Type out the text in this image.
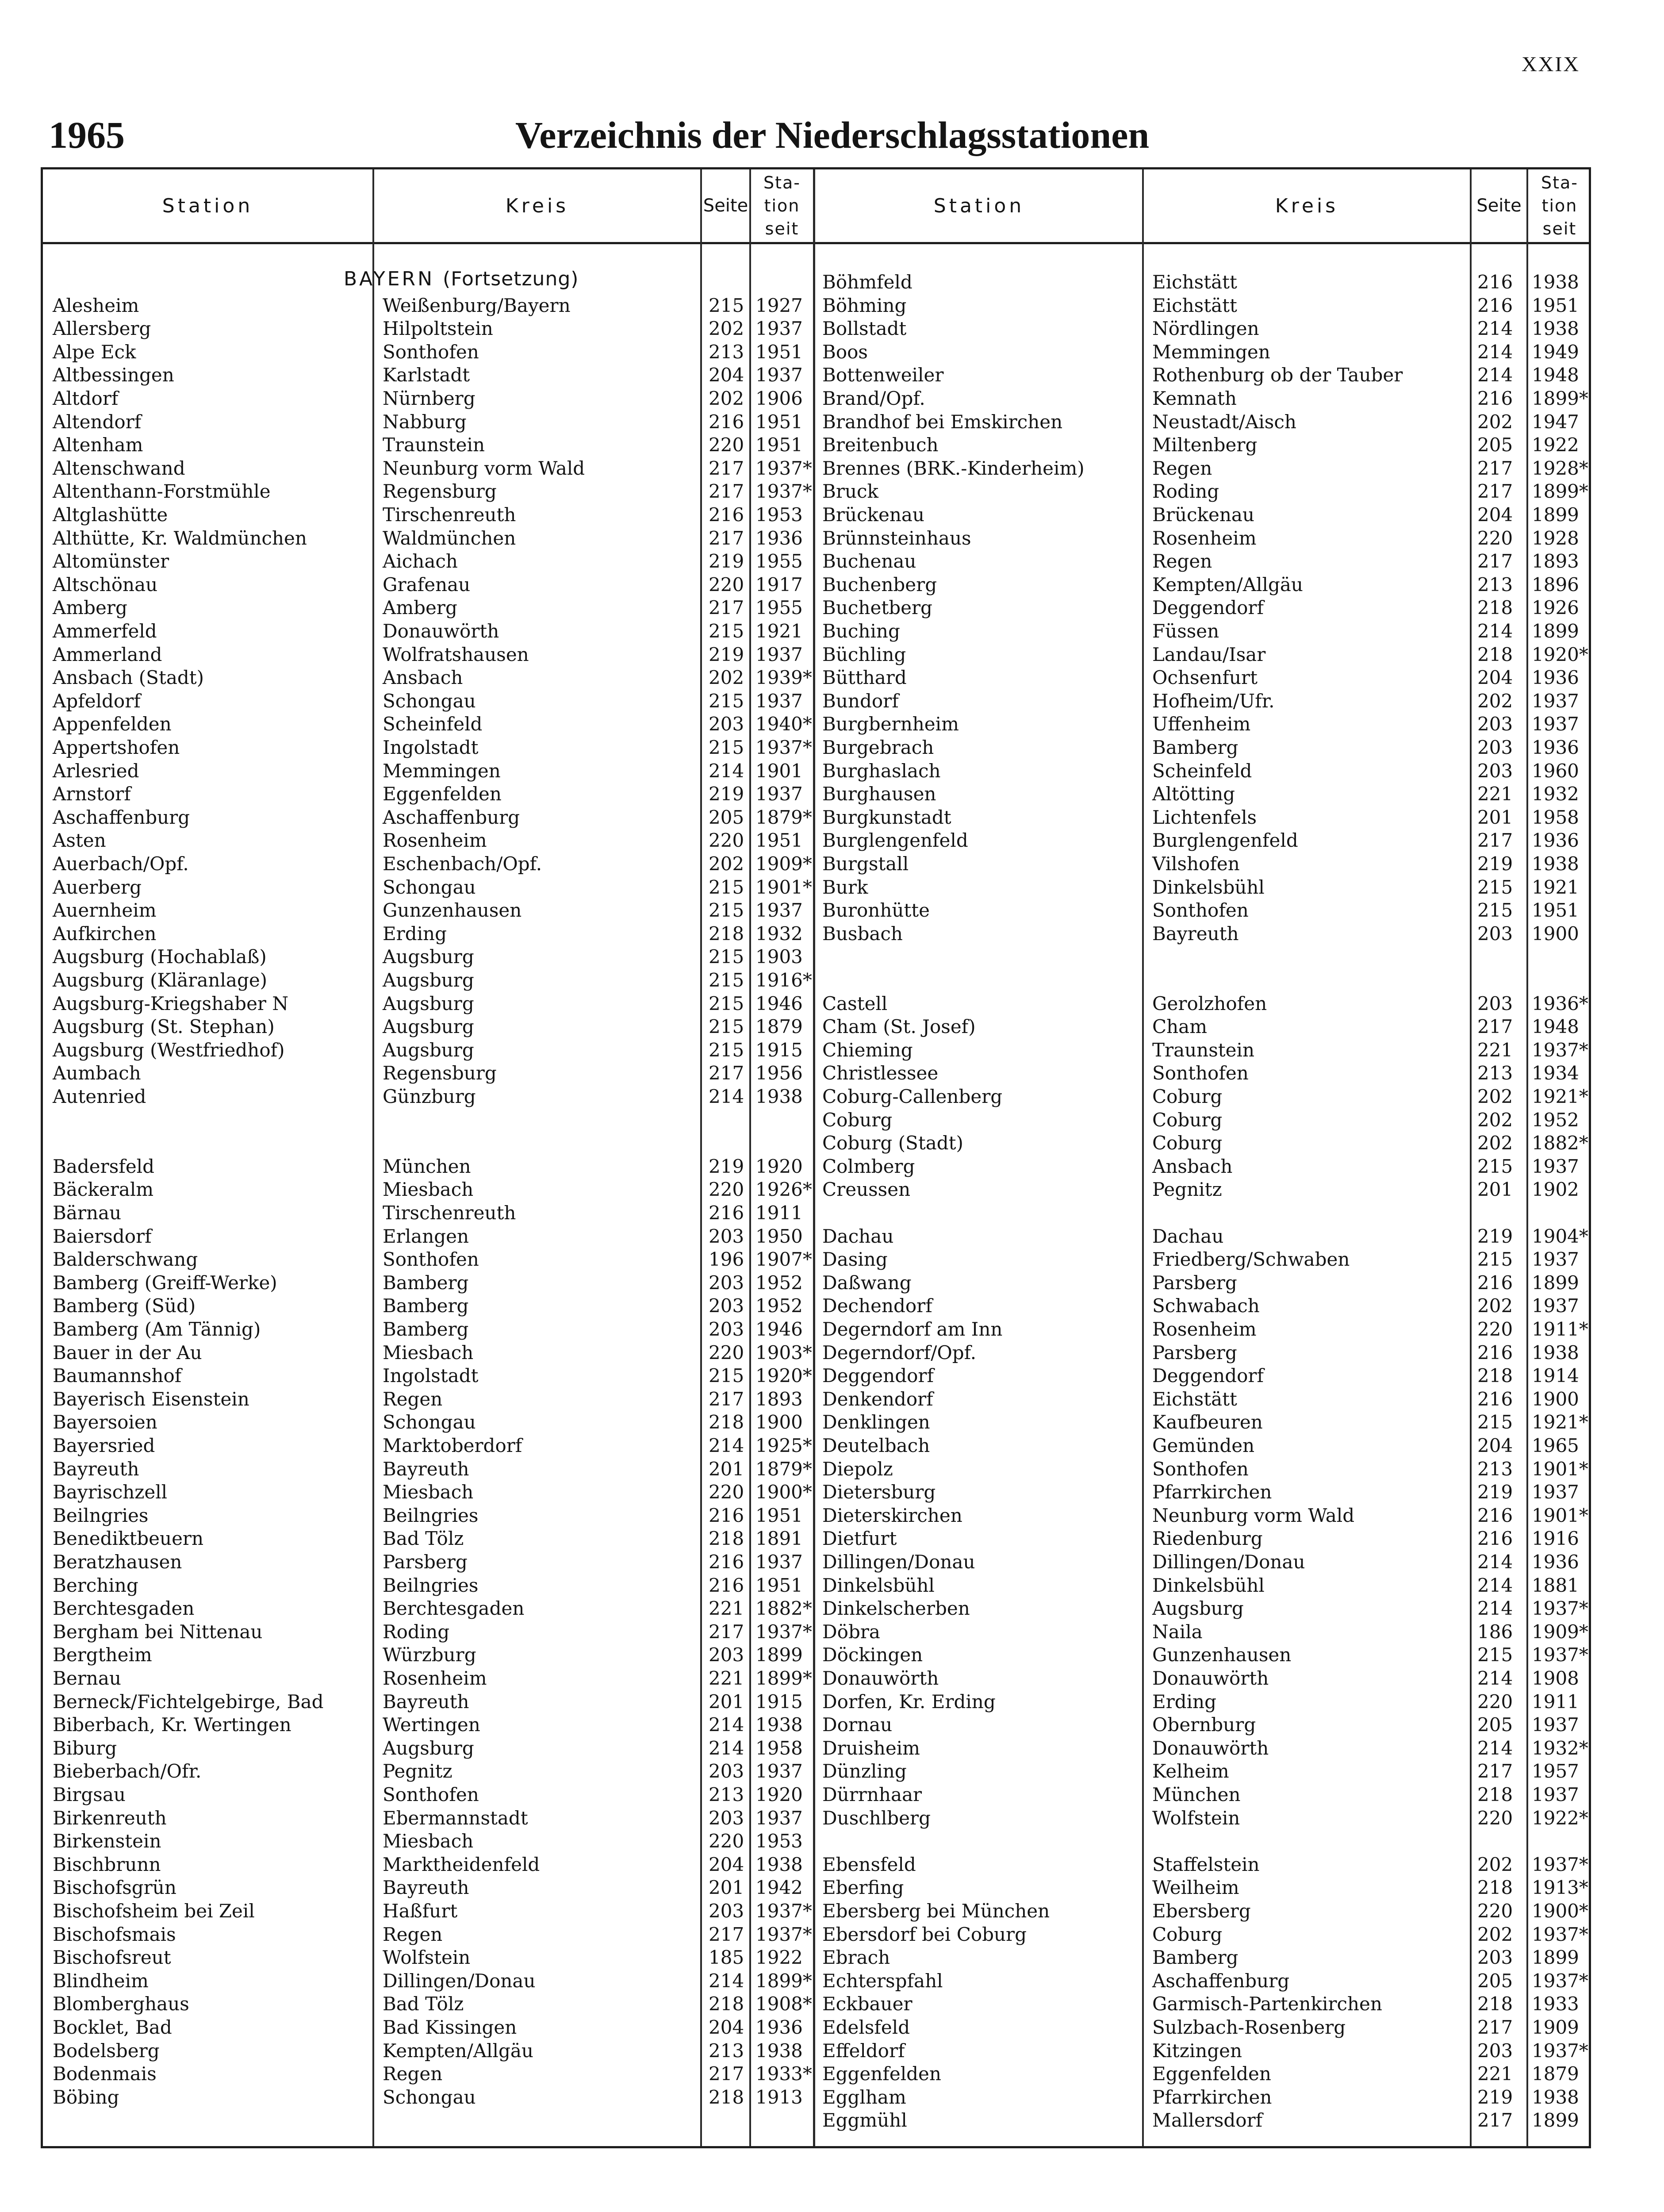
XXIX
1965	Verzeichnis der Niederschlagsstationen
Station	Kreis	Seite
Sta-
tion
seit
Station	Kreis	Seite
Sta-
tion
seit
BAYERN (Fortsetzung)
Alesheim	Weißenburg/Bayern	215 1927
Allersberg	Hilpoltstein	202 1937
Alpe Eck	Sonthofen	213 1951
Altbessingen	Karlstadt	204 1937
Altdorf	Nürnberg	202 1906
Altendorf	Nabburg	216 1951
Altenham	Traunstein	220 1951
Altenschwand	Neunburg vorm Wald	217 1937*
Altenthann-Forstmühle	Regensburg	217 1937*
Altglashütte	Tirschenreuth	216 1953
Althütte, Kr. Waldmünchen	Waldmünchen	217 1936
Altomünster	Aichach	219 1955
Altschönau	Grafenau	220 1917
Amberg	Amberg	217 1955
Ammerfeld	Donauwörth	215 1921
Ammerland	Wolfratshausen	219 1937
Ansbach (Stadt)	Ansbach	202 1939*
Apfeldorf	Schongau	215 1937
Appenfelden	Scheinfeld	203 1940*
Appertshofen	Ingolstadt	215 1937*
Arlesried	Memmingen	214 1901
Arnstorf	Eggenfelden	219 1937
Aschaffenburg	Aschaffenburg	205 1879*
Asten	Rosenheim	220 1951
Auerbach/Opf.	Eschenbach/Opf.	202 1909*
Auerberg	Schongau	215 1901*
Auernheim	Gunzenhausen	215 1937
Aufkirchen	Erding	218 1932
Augsburg (Hochablaß)	Augsburg	215 1903
Augsburg (Kläranlage)	Augsburg	215 1916*
Augsburg-Kriegshaber N	Augsburg	215 1946
Augsburg (St. Stephan)	Augsburg	215 1879
Augsburg (Westfriedhof)	Augsburg	215 1915
Aumbach	Regensburg	217 1956
Autenried	Günzburg	214 1938
Badersfeld	München	219 1920
Bäckeralm	Miesbach	220 1926*
Bärnau	Tirschenreuth	216 1911
Baiersdorf	Erlangen	203 1950
Balderschwang	Sonthofen	196 1907*
Bamberg (Greiff-Werke)	Bamberg	203 1952
Bamberg (Süd)	Bamberg	203 1952
Bamberg (Am Tännig)	Bamberg	203 1946
Bauer in der Au	Miesbach	220 1903*
Baumannshof	Ingolstadt	215 1920*
Bayerisch Eisenstein	Regen	217 1893
Bayersoien	Schongau	218 1900
Bayersried	Marktoberdorf	214 1925*
Bayreuth	Bayreuth	201 1879*
Bayrischzell	Miesbach	220 1900*
Beilngries	Beilngries	216 1951
Benediktbeuern	Bad Tölz	218 1891
Beratzhausen	Parsberg	216 1937
Berching	Beilngries	216 1951
Berchtesgaden	Berchtesgaden	221 1882*
Bergham bei Nittenau	Roding	217 1937*
Bergtheim	Würzburg	203 1899
Bernau	Rosenheim	221 1899*
Berneck/Fichtelgebirge, Bad	Bayreuth	201 1915
Biberbach, Kr. Wertingen	Wertingen	214 1938
Biburg	Augsburg	214 1958
Bieberbach/Ofr.	Pegnitz	203 1937
Birgsau	Sonthofen	213 1920
Birkenreuth	Ebermannstadt	203 1937
Birkenstein	Miesbach	220 1953
Bischbrunn	Marktheidenfeld	204 1938
Bischofsgrün	Bayreuth	201 1942
Bischofsheim bei Zeil	Haßfurt	203 1937*
Bischofsmais	Regen	217 1937*
Bischofsreut	Wolfstein	185 1922
Blindheim	Dillingen/Donau	214 1899*
Blomberghaus	Bad Tölz	218 1908*
Bocklet, Bad	Bad Kissingen	204 1936
Bodelsberg	Kempten/Allgäu	213 1938
Bodenmais	Regen	217 1933*
Böbing	Schongau	218 1913
Böhmfeld	Eichstätt	216 1938
Böhming	Eichstätt	216 1951
Bollstadt	Nördlingen	214 1938
Boos	Memmingen	214 1949
Bottenweiler	Rothenburg ob der Tauber	214 1948
Brand/Opf.	Kemnath	216 1899*
Brandhof bei Emskirchen	Neustadt/Aisch	202 1947
Breitenbuch	Miltenberg	205 1922
Brennes (BRK.-Kinderheim)	Regen	217 1928*
Bruck	Roding	217 1899*
Brückenau	Brückenau	204 1899
Brünnsteinhaus	Rosenheim	220 1928
Buchenau	Regen	217 1893
Buchenberg	Kempten/Allgäu	213 1896
Buchetberg	Deggendorf	218 1926
Buching	Füssen	214 1899
Büchling	Landau/Isar	218 1920*
Bütthard	Ochsenfurt	204 1936
Bundorf	Hofheim/Ufr.	202 1937
Burgbernheim	Uffenheim	203 1937
Burgebrach	Bamberg	203 1936
Burghaslach	Scheinfeld	203 1960
Burghausen	Altötting	221 1932
Burgkunstadt	Lichtenfels	201 1958
Burglengenfeld	Burglengenfeld	217 1936
Burgstall	Vilshofen	219 1938
Burk	Dinkelsbühl	215 1921
Buronhütte	Sonthofen	215 1951
Busbach	Bayreuth	203 1900
Castell	Gerolzhofen	203 1936*
Cham (St. Josef)	Cham	217 1948
Chieming	Traunstein	221 1937*
Christlessee	Sonthofen	213 1934
Coburg-Callenberg	Coburg	202 1921*
Coburg	Coburg	202 1952
Coburg (Stadt)	Coburg	202 1882*
Colmberg	Ansbach	215 1937
Creussen	Pegnitz	201 1902
Dachau	Dachau	219 1904*
Dasing	Friedberg/Schwaben	215 1937
Daßwang	Parsberg	216 1899
Dechendorf	Schwabach	202 1937
Degerndorf am Inn	Rosenheim	220 1911*
Degerndorf/Opf.	Parsberg	216 1938
Deggendorf	Deggendorf	218 1914
Denkendorf	Eichstätt	216 1900
Denklingen	Kaufbeuren	215 1921*
Deutelbach	Gemünden	204 1965
Diepolz	Sonthofen	213 1901*
Dietersburg	Pfarrkirchen	219 1937
Dieterskirchen	Neunburg vorm Wald	216 1901*
Dietfurt	Riedenburg	216 1916
Dillingen/Donau	Dillingen/Donau	214 1936
Dinkelsbühl	Dinkelsbühl	214 1881
Dinkelscherben	Augsburg	214 1937*
Döbra	Naila	186 1909*
Döckingen	Gunzenhausen	215 1937*
Donauwörth	Donauwörth	214 1908
Dorfen, Kr. Erding	Erding	220 1911
Dornau	Obernburg	205 1937
Druisheim	Donauwörth	214 1932*
Dünzling	Kelheim	217 1957
Dürrnhaar	München	218 1937
Duschlberg	Wolfstein	220 1922*
Ebensfeld	Staffelstein	202 1937*
Eberfing	Weilheim	218 1913*
Ebersberg bei München	Ebersberg	220 1900*
Ebersdorf bei Coburg	Coburg	202 1937*
Ebrach	Bamberg	203 1899
Echterspfahl	Aschaffenburg	205 1937*
Eckbauer	Garmisch-Partenkirchen	218 1933
Edelsfeld	Sulzbach-Rosenberg	217 1909
Effeldorf	Kitzingen	203 1937*
Eggenfelden	Eggenfelden	221 1879
Egglham	Pfarrkirchen	219 1938
Eggmühl	Mallersdorf	217 1899
